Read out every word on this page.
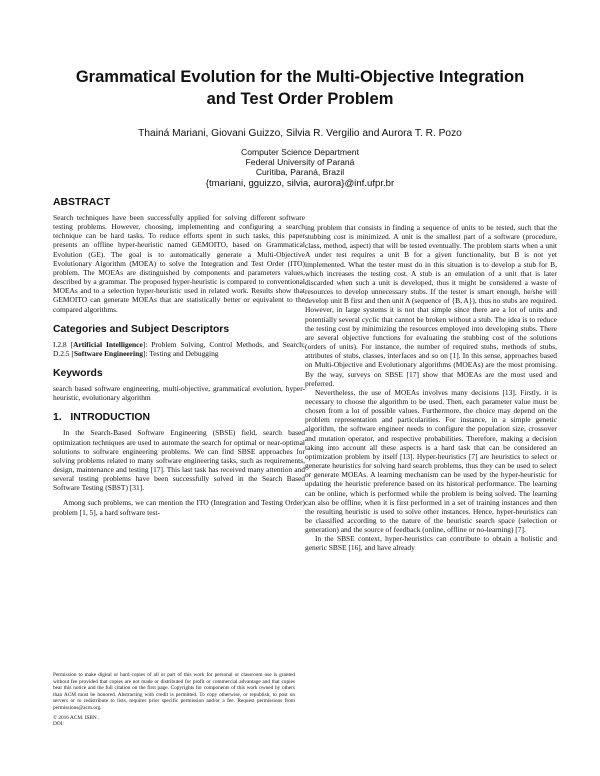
Grammatical Evolution for the Multi-Objective Integration
and Test Order Problem
Thainá Mariani, Giovani Guizzo, Silvia R. Vergilio and Aurora T. R. Pozo
Computer Science Department
Federal University of Paraná
Curitiba, Paraná, Brazil
{tmariani, gguizzo, silvia, aurora}@inf.ufpr.br
ABSTRACT

Search techniques have been successfully applied for solving different software testing problems. However, choosing, implementing and configuring a search technique can be hard tasks. To reduce efforts spent in such tasks, this paper presents an offline hyper-heuristic named GEMOITO, based on Grammatical Evolution (GE). The goal is to automatically generate a Multi-Objective Evolutionary Algorithm (MOEA) to solve the Integration and Test Order (ITO) problem. The MOEAs are distinguished by components and parameters values, described by a grammar. The proposed hyper-heuristic is compared to conventional MOEAs and to a selection hyper-heuristic used in related work. Results show that GEMOITO can generate MOEAs that are statistically better or equivalent to the compared algorithms.

Categories and Subject Descriptors

I.2.8 [Artificial Intelligence]: Problem Solving, Control Methods, and Search; D.2.5 [Software Engineering]: Testing and Debugging

Keywords

search based software engineering, multi-objective, grammatical evolution, hyper-heuristic, evolutionary algorithm

1.   INTRODUCTION

In the Search-Based Software Engineering (SBSE) field, search based optimization techniques are used to automate the search for optimal or near-optimal solutions to software engineering problems. We can find SBSE approaches for solving problems related to many software engineering tasks, such as requirements, design, maintenance and testing [17]. This last task has received many attention and several testing problems have been successfully solved in the Search Based Software Testing (SBST) [31].

Among such problems, we can mention the ITO (Integration and Testing Order) problem [1, 5], a hard software test-

ing problem that consists in finding a sequence of units to be tested, such that the stubbing cost is minimized. A unit is the smallest part of a software (procedure, class, method, aspect) that will be tested eventually. The problem starts when a unit A under test requires a unit B for a given functionality, but B is not yet implemented. What the tester must do in this situation is to develop a stub for B, which increases the testing cost. A stub is an emulation of a unit that is later discarded when such a unit is developed, thus it might be considered a waste of resources to develop unnecessary stubs. If the tester is smart enough, he/she will develop unit B first and then unit A (sequence of {B, A}), thus no stubs are required. However, in large systems it is not that simple since there are a lot of units and potentially several cyclic that cannot be broken without a stub. The idea is to reduce the testing cost by minimizing the resources employed into developing stubs. There are several objective functions for evaluating the stubbing cost of the solutions (orders of units). For instance, the number of required stubs, methods of stubs, attributes of stubs, classes, interfaces and so on [1]. In this sense, approaches based on Multi-Objective and Evolutionary algorithms (MOEAs) are the most promising. By the way, surveys on SBSE [17] show that MOEAs are the most used and preferred.

Nevertheless, the use of MOEAs involves many decisions [13]. Firstly, it is necessary to choose the algorithm to be used. Then, each parameter value must be chosen from a lot of possible values. Furthermore, the choice may depend on the problem representation and particularities. For instance, in a simple genetic algorithm, the software engineer needs to configure the population size, crossover and mutation operator, and respective probabilities. Therefore, making a decision taking into account all these aspects is a hard task that can be considered an optimization problem by itself [13]. Hyper-heuristics [7] are heuristics to select or generate heuristics for solving hard search problems, thus they can be used to select or generate MOEAs. A learning mechanism can be used by the hyper-heuristic for updating the heuristic preference based on its historical performance. The learning can be online, which is performed while the problem is being solved. The learning can also be offline, when it is first performed in a set of training instances and then the resulting heuristic is used to solve other instances. Hence, hyper-heuristics can be classified according to the nature of the heuristic search space (selection or generation) and the source of feedback (online, offline or no-learning) [7].

In the SBSE context, hyper-heuristics can contribute to obtain a holistic and generic SBSE [16], and have already

Permission to make digital or hard copies of all or part of this work for personal or classroom use is granted without fee provided that copies are not made or distributed for profit or commercial advantage and that copies bear this notice and the full citation on the first page. Copyrights for components of this work owned by others than ACM must be honored. Abstracting with credit is permitted. To copy otherwise, or republish, to post on servers or to redistribute to lists, requires prior specific permission and/or a fee. Request permissions from permissions@acm.org.

© 2016 ACM. ISBN .

DOI:
